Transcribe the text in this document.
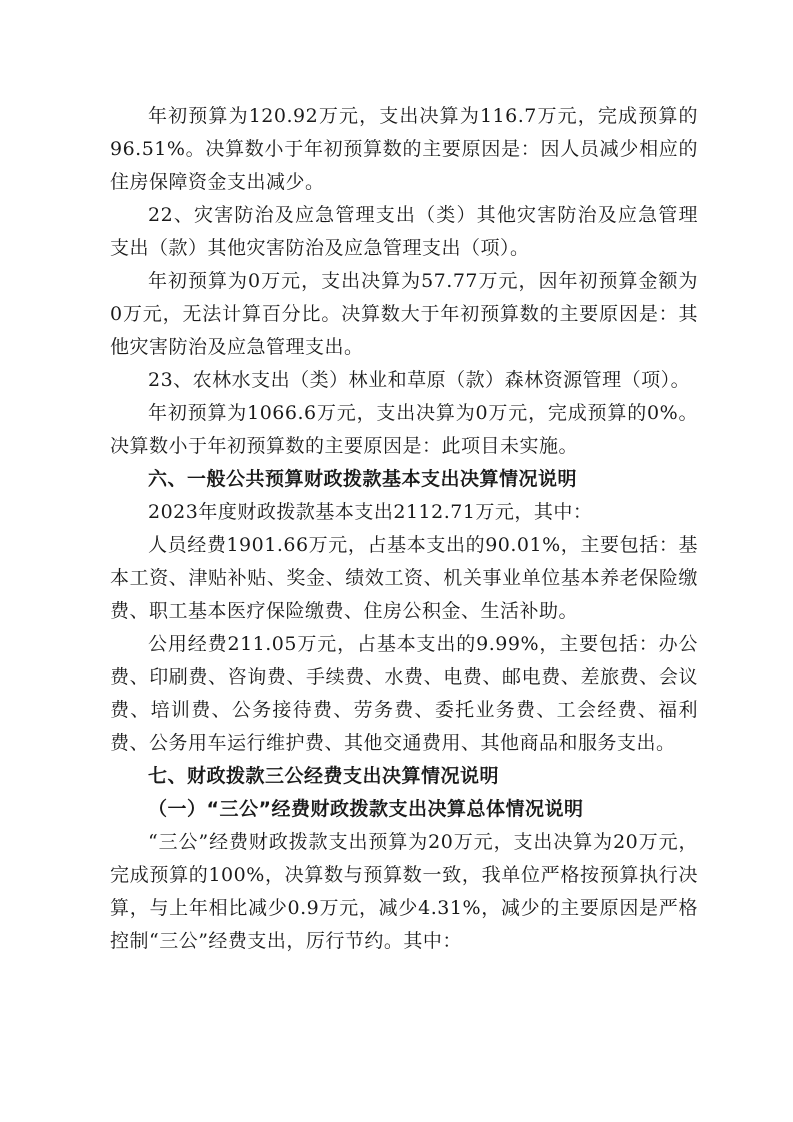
年初预算为120.92万元，支出决算为116.7万元，完成预算的96.51%。决算数小于年初预算数的主要原因是：因人员减少相应的住房保障资金支出减少。

22、灾害防治及应急管理支出（类）其他灾害防治及应急管理支出（款）其他灾害防治及应急管理支出（项）。

年初预算为0万元，支出决算为57.77万元，因年初预算金额为0万元，无法计算百分比。决算数大于年初预算数的主要原因是：其他灾害防治及应急管理支出。

23、农林水支出（类）林业和草原（款）森林资源管理（项）。

年初预算为1066.6万元，支出决算为0万元，完成预算的0%。决算数小于年初预算数的主要原因是：此项目未实施。

六、一般公共预算财政拨款基本支出决算情况说明

2023年度财政拨款基本支出2112.71万元，其中：

人员经费1901.66万元，占基本支出的90.01%，主要包括：基本工资、津贴补贴、奖金、绩效工资、机关事业单位基本养老保险缴费、职工基本医疗保险缴费、住房公积金、生活补助。

公用经费211.05万元，占基本支出的9.99%，主要包括：办公费、印刷费、咨询费、手续费、水费、电费、邮电费、差旅费、会议费、培训费、公务接待费、劳务费、委托业务费、工会经费、福利费、公务用车运行维护费、其他交通费用、其他商品和服务支出。

七、财政拨款三公经费支出决算情况说明

（一）“三公”经费财政拨款支出决算总体情况说明

“三公”经费财政拨款支出预算为20万元，支出决算为20万元，完成预算的100%，决算数与预算数一致，我单位严格按预算执行决算，与上年相比减少0.9万元，减少4.31%，减少的主要原因是严格控制“三公”经费支出，厉行节约。其中：
